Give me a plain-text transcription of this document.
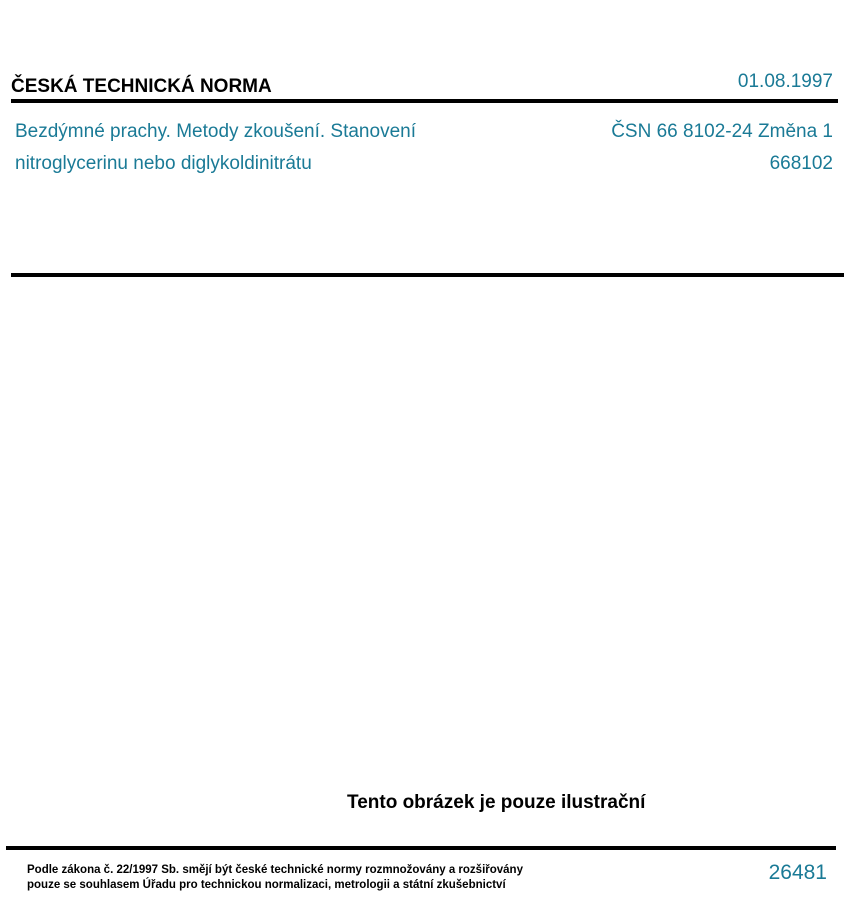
ČESKÁ TECHNICKÁ NORMA	01.08.1997
Bezdýmné prachy. Metody zkoušení. Stanovení
nitroglycerinu nebo diglykoldinitrátu
ČSN 66 8102-24 Změna 1
668102
Tento obrázek je pouze ilustrační
Podle zákona č. 22/1997 Sb. smějí být české technické normy rozmnožovány a rozšiřovány
pouze se souhlasem Úřadu pro technickou normalizaci, metrologii a státní zkušebnictví
26481
